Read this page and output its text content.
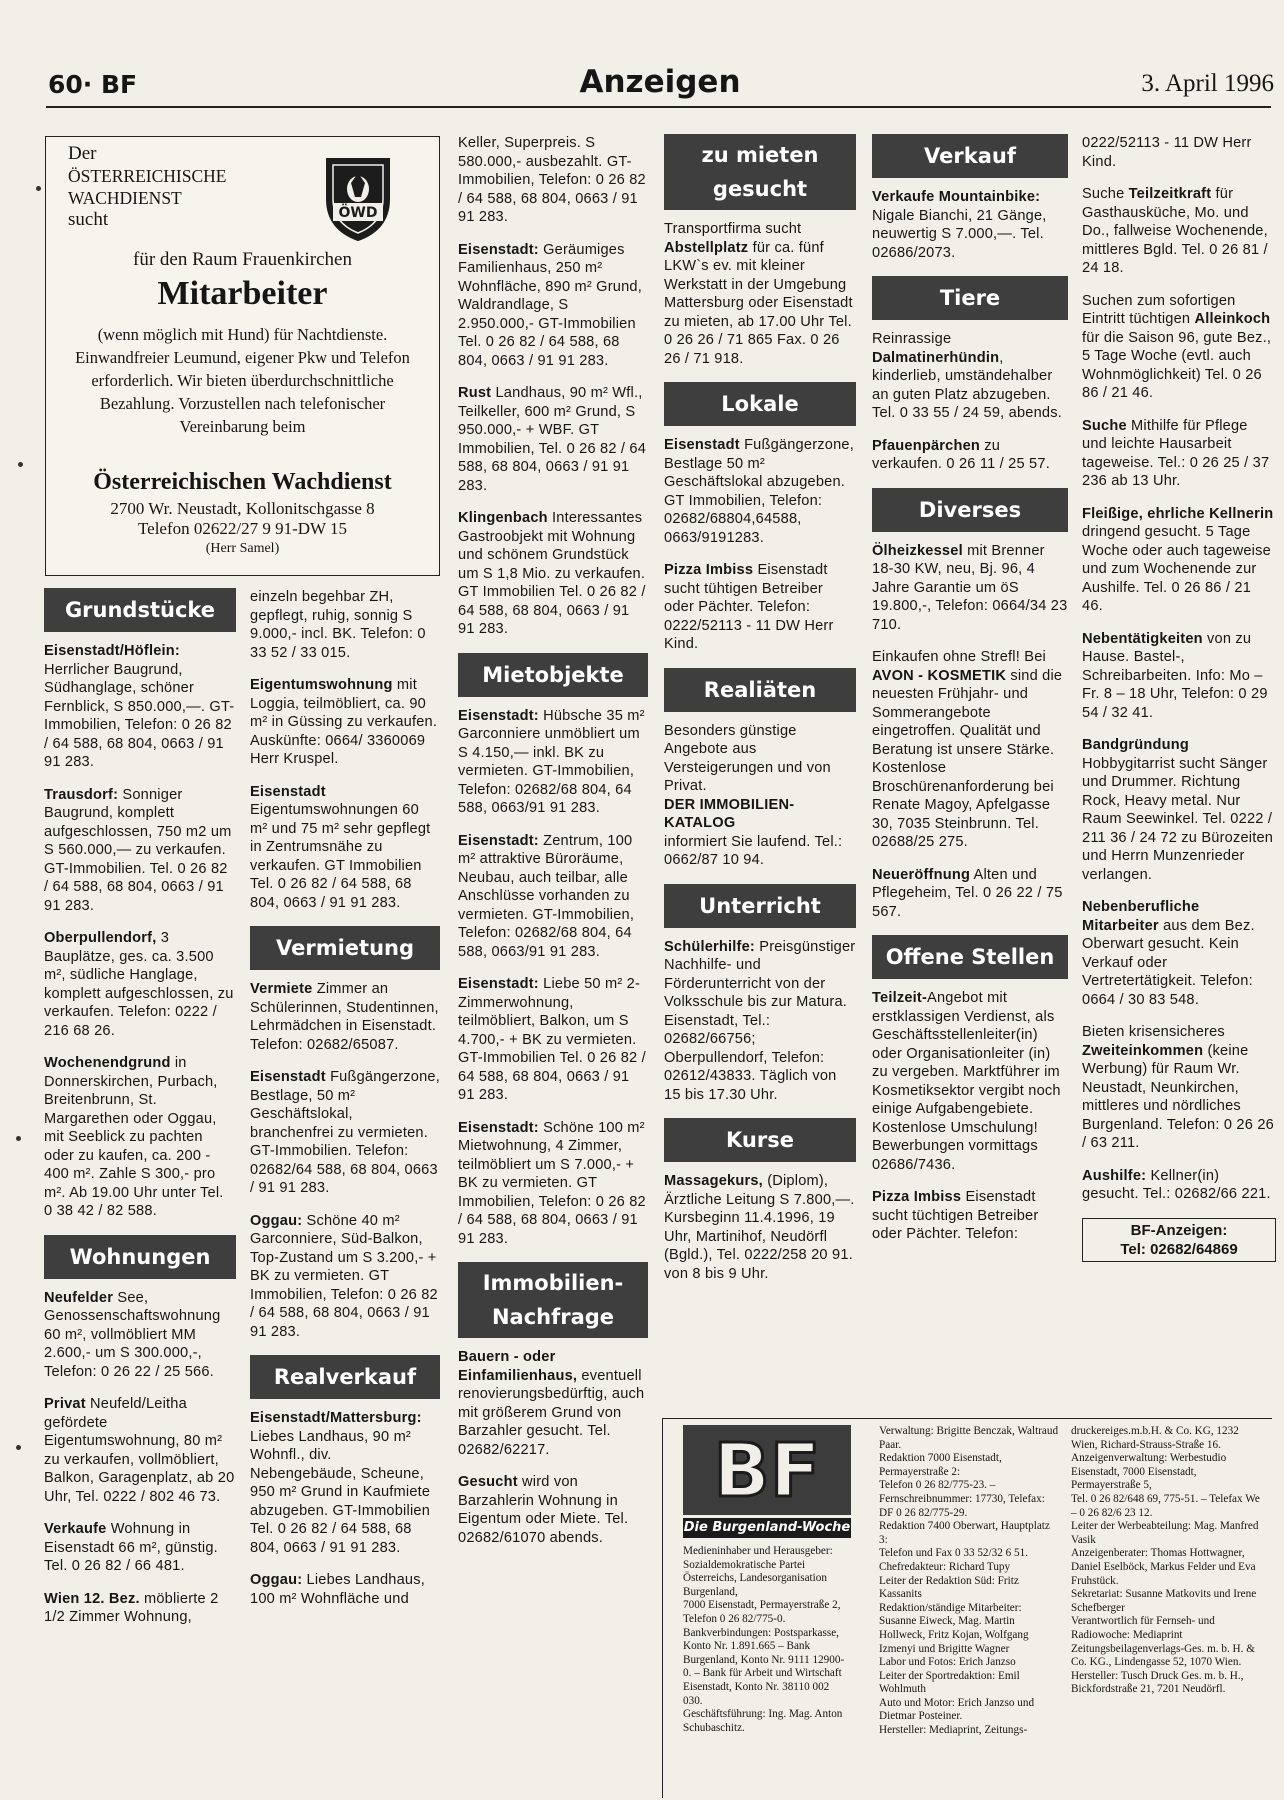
60· BF	Anzeigen	3. April 1996
Der
ÖSTERREICHISCHE
WACHDIENST
sucht	ÖWD
für den Raum Frauenkirchen
Mitarbeiter
(wenn möglich mit Hund) für Nachtdienste. Einwandfreier Leumund, eigener Pkw und Telefon erforderlich. Wir bieten überdurchschnittliche Bezahlung. Vorzustellen nach telefonischer Vereinbarung beim
Österreichischen Wachdienst
2700 Wr. Neustadt, Kollonitschgasse 8
Telefon 02622/27 9 91-DW 15
(Herr Samel)
Grundstücke
Eisenstadt/Höflein: Herrlicher Baugrund, Südhanglage, schöner Fernblick, S 850.000,—. GT-Immobilien, Telefon: 0 26 82 / 64 588, 68 804, 0663 / 91 91 283.
Trausdorf: Sonniger Baugrund, komplett aufgeschlossen, 750 m2 um S 560.000,— zu verkaufen. GT-Immobilien. Tel. 0 26 82 / 64 588, 68 804, 0663 / 91 91 283.
Oberpullendorf, 3 Bauplätze, ges. ca. 3.500 m², südliche Hanglage, komplett aufgeschlossen, zu verkaufen. Telefon: 0222 / 216 68 26.
Wochenendgrund in Donnerskirchen, Purbach, Breitenbrunn, St. Margarethen oder Oggau, mit Seeblick zu pachten oder zu kaufen, ca. 200 - 400 m². Zahle S 300,- pro m². Ab 19.00 Uhr unter Tel. 0 38 42 / 82 588.
Wohnungen
Neufelder See, Genossenschaftswohnung 60 m², vollmöbliert MM 2.600,- um S 300.000,-, Telefon: 0 26 22 / 25 566.
Privat Neufeld/Leitha gefördete Eigentumswohnung, 80 m² zu verkaufen, vollmöbliert, Balkon, Garagenplatz, ab 20 Uhr, Tel. 0222 / 802 46 73.
Verkaufe Wohnung in Eisenstadt 66 m², günstig. Tel. 0 26 82 / 66 481.
Wien 12. Bez. möblierte 2 1/2 Zimmer Wohnung,
einzeln begehbar ZH, gepflegt, ruhig, sonnig S 9.000,- incl. BK. Telefon: 0 33 52 / 33 015.
Eigentumswohnung mit Loggia, teilmöbliert, ca. 90 m² in Güssing zu verkaufen. Auskünfte: 0664/ 3360069 Herr Kruspel.
Eisenstadt Eigentumswohnungen 60 m² und 75 m² sehr gepflegt in Zentrumsnähe zu verkaufen. GT Immobilien Tel. 0 26 82 / 64 588, 68 804, 0663 / 91 91 283.
Vermietung
Vermiete Zimmer an Schülerinnen, Studentinnen, Lehrmädchen in Eisenstadt. Telefon: 02682/65087.
Eisenstadt Fußgängerzone, Bestlage, 50 m² Geschäftslokal, branchenfrei zu vermieten. GT-Immobilien. Telefon: 02682/64 588, 68 804, 0663 / 91 91 283.
Oggau: Schöne 40 m² Garconniere, Süd-Balkon, Top-Zustand um S 3.200,- + BK zu vermieten. GT Immobilien, Telefon: 0 26 82 / 64 588, 68 804, 0663 / 91 91 283.
Realverkauf
Eisenstadt/Mattersburg: Liebes Landhaus, 90 m² Wohnfl., div. Nebengebäude, Scheune, 950 m² Grund in Kaufmiete abzugeben. GT-Immobilien Tel. 0 26 82 / 64 588, 68 804, 0663 / 91 91 283.
Oggau: Liebes Landhaus, 100 m² Wohnfläche und
Keller, Superpreis. S 580.000,- ausbezahlt. GT-Immobilien, Telefon: 0 26 82 / 64 588, 68 804, 0663 / 91 91 283.
Eisenstadt: Geräumiges Familienhaus, 250 m² Wohnfläche, 890 m² Grund, Waldrandlage, S 2.950.000,- GT-Immobilien Tel. 0 26 82 / 64 588, 68 804, 0663 / 91 91 283.
Rust Landhaus, 90 m² Wfl., Teilkeller, 600 m² Grund, S 950.000,- + WBF. GT Immobilien, Tel. 0 26 82 / 64 588, 68 804, 0663 / 91 91 283.
Klingenbach Interessantes Gastroobjekt mit Wohnung und schönem Grundstück um S 1,8 Mio. zu verkaufen. GT Immobilien Tel. 0 26 82 / 64 588, 68 804, 0663 / 91 91 283.
Mietobjekte
Eisenstadt: Hübsche 35 m² Garconniere unmöbliert um S 4.150,— inkl. BK zu vermieten. GT-Immobilien, Telefon: 02682/68 804, 64 588, 0663/91 91 283.
Eisenstadt: Zentrum, 100 m² attraktive Büroräume, Neubau, auch teilbar, alle Anschlüsse vorhanden zu vermieten. GT-Immobilien, Telefon: 02682/68 804, 64 588, 0663/91 91 283.
Eisenstadt: Liebe 50 m² 2-Zimmerwohnung, teilmöbliert, Balkon, um S 4.700,- + BK zu vermieten. GT-Immobilien Tel. 0 26 82 / 64 588, 68 804, 0663 / 91 91 283.
Eisenstadt: Schöne 100 m² Mietwohnung, 4 Zimmer, teilmöbliert um S 7.000,- + BK zu vermieten. GT Immobilien, Telefon: 0 26 82 / 64 588, 68 804, 0663 / 91 91 283.
Immobilien-Nachfrage
Bauern - oder Einfamilienhaus, eventuell renovierungsbedürftig, auch mit größerem Grund von Barzahler gesucht. Tel. 02682/62217.
Gesucht wird von Barzahlerin Wohnung in Eigentum oder Miete. Tel. 02682/61070 abends.
zu mieten gesucht
Transportfirma sucht Abstellplatz für ca. fünf LKW`s ev. mit kleiner Werkstatt in der Umgebung Mattersburg oder Eisenstadt zu mieten, ab 17.00 Uhr Tel. 0 26 26 / 71 865 Fax. 0 26 26 / 71 918.
Lokale
Eisenstadt Fußgängerzone, Bestlage 50 m² Geschäftslokal abzugeben. GT Immobilien, Telefon: 02682/68804,64588, 0663/9191283.
Pizza Imbiss Eisenstadt sucht tühtigen Betreiber oder Pächter. Telefon: 0222/52113 - 11 DW Herr Kind.
Realiäten
Besonders günstige Angebote aus Versteigerungen und von Privat.
DER IMMOBILIEN-KATALOG
informiert Sie laufend. Tel.: 0662/87 10 94.
Unterricht
Schülerhilfe: Preisgünstiger Nachhilfe- und Förderunterricht von der Volksschule bis zur Matura. Eisenstadt, Tel.: 02682/66756; Oberpullendorf, Telefon: 02612/43833. Täglich von 15 bis 17.30 Uhr.
Kurse
Massagekurs, (Diplom), Ärztliche Leitung S 7.800,—. Kursbeginn 11.4.1996, 19 Uhr, Martinihof, Neudörfl (Bgld.), Tel. 0222/258 20 91. von 8 bis 9 Uhr.
Verkauf
Verkaufe Mountainbike: Nigale Bianchi, 21 Gänge, neuwertig S 7.000,—. Tel. 02686/2073.
Tiere
Reinrassige Dalmatinerhündin, kinderlieb, umständehalber an guten Platz abzugeben. Tel. 0 33 55 / 24 59, abends.
Pfauenpärchen zu verkaufen. 0 26 11 / 25 57.
Diverses
Ölheizkessel mit Brenner 18-30 KW, neu, Bj. 96, 4 Jahre Garantie um öS 19.800,-, Telefon: 0664/34 23 710.
Einkaufen ohne Strefl! Bei AVON - KOSMETIK sind die neuesten Frühjahr- und Sommerangebote eingetroffen. Qualität und Beratung ist unsere Stärke. Kostenlose Broschürenanforderung bei Renate Magoy, Apfelgasse 30, 7035 Steinbrunn. Tel. 02688/25 275.
Neueröffnung Alten und Pflegeheim, Tel. 0 26 22 / 75 567.
Offene Stellen
Teilzeit-Angebot mit erstklassigen Verdienst, als Geschäftsstellenleiter(in) oder Organisationleiter (in) zu vergeben. Marktführer im Kosmetiksektor vergibt noch einige Aufgabengebiete. Kostenlose Umschulung! Bewerbungen vormittags 02686/7436.
Pizza Imbiss Eisenstadt sucht tüchtigen Betreiber oder Pächter. Telefon:
0222/52113 - 11 DW Herr Kind.
Suche Teilzeitkraft für Gasthausküche, Mo. und Do., fallweise Wochenende, mittleres Bgld. Tel. 0 26 81 / 24 18.
Suchen zum sofortigen Eintritt tüchtigen Alleinkoch für die Saison 96, gute Bez., 5 Tage Woche (evtl. auch Wohnmöglichkeit) Tel. 0 26 86 / 21 46.
Suche Mithilfe für Pflege und leichte Hausarbeit tageweise. Tel.: 0 26 25 / 37 236 ab 13 Uhr.
Fleißige, ehrliche Kellnerin dringend gesucht. 5 Tage Woche oder auch tageweise und zum Wochenende zur Aushilfe. Tel. 0 26 86 / 21 46.
Nebentätigkeiten von zu Hause. Bastel-, Schreibarbeiten. Info: Mo – Fr. 8 – 18 Uhr, Telefon: 0 29 54 / 32 41.
Bandgründung Hobbygitarrist sucht Sänger und Drummer. Richtung Rock, Heavy metal. Nur Raum Seewinkel. Tel. 0222 / 211 36 / 24 72 zu Bürozeiten und Herrn Munzenrieder verlangen.
Nebenberufliche Mitarbeiter aus dem Bez. Oberwart gesucht. Kein Verkauf oder Vertretertätigkeit. Telefon: 0664 / 30 83 548.
Bieten krisensicheres Zweiteinkommen (keine Werbung) für Raum Wr. Neustadt, Neunkirchen, mittleres und nördliches Burgenland. Telefon: 0 26 26 / 63 211.
Aushilfe: Kellner(in) gesucht. Tel.: 02682/66 221.
BF-Anzeigen:
Tel: 02682/64869
BF
Die Burgenland-Woche

Medieninhaber und Herausgeber: Sozialdemokratische Partei Österreichs, Landesorganisation Burgenland,

7000 Eisenstadt, Permayerstraße 2, Telefon 0 26 82/775-0.

Bankverbindungen: Postsparkasse, Konto Nr. 1.891.665 – Bank Burgenland, Konto Nr. 9111 12900-0. – Bank für Arbeit und Wirtschaft Eisenstadt, Konto Nr. 38110 002 030.

Geschäftsführung: Ing. Mag. Anton Schubaschitz.

Verwaltung: Brigitte Benczak, Waltraud Paar.

Redaktion 7000 Eisenstadt, Permayerstraße 2:

Telefon 0 26 82/775-23. – Fernschreibnummer: 17730, Telefax: DF 0 26 82/775-29.

Redaktion 7400 Oberwart, Hauptplatz 3:

Telefon und Fax 0 33 52/32 6 51.

Chefredakteur: Richard Tupy

Leiter der Redaktion Süd: Fritz Kassanits

Redaktion/ständige Mitarbeiter: Susanne Eiweck, Mag. Martin Hollweck, Fritz Kojan, Wolfgang Izmenyi und Brigitte Wagner

Labor und Fotos: Erich Janzso

Leiter der Sportredaktion: Emil Wohlmuth

Auto und Motor: Erich Janzso und Dietmar Posteiner.

Hersteller: Mediaprint, Zeitungs-

druckereiges.m.b.H. & Co. KG, 1232 Wien, Richard-Strauss-Straße 16.

Anzeigenverwaltung: Werbestudio Eisenstadt, 7000 Eisenstadt, Permayerstraße 5,

Tel. 0 26 82/648 69, 775-51. – Telefax We – 0 26 82/6 23 12.

Leiter der Werbeabteilung: Mag. Manfred Vasik

Anzeigenberater: Thomas Hottwagner, Daniel Eselböck, Markus Felder und Eva Fruhstück.

Sekretariat: Susanne Matkovits und Irene Schefberger

Verantwortlich für Fernseh- und Radiowoche: Mediaprint Zeitungsbeilagenverlags-Ges. m. b. H. & Co. KG., Lindengasse 52, 1070 Wien. Hersteller: Tusch Druck Ges. m. b. H., Bickfordstraße 21, 7201 Neudörfl.
